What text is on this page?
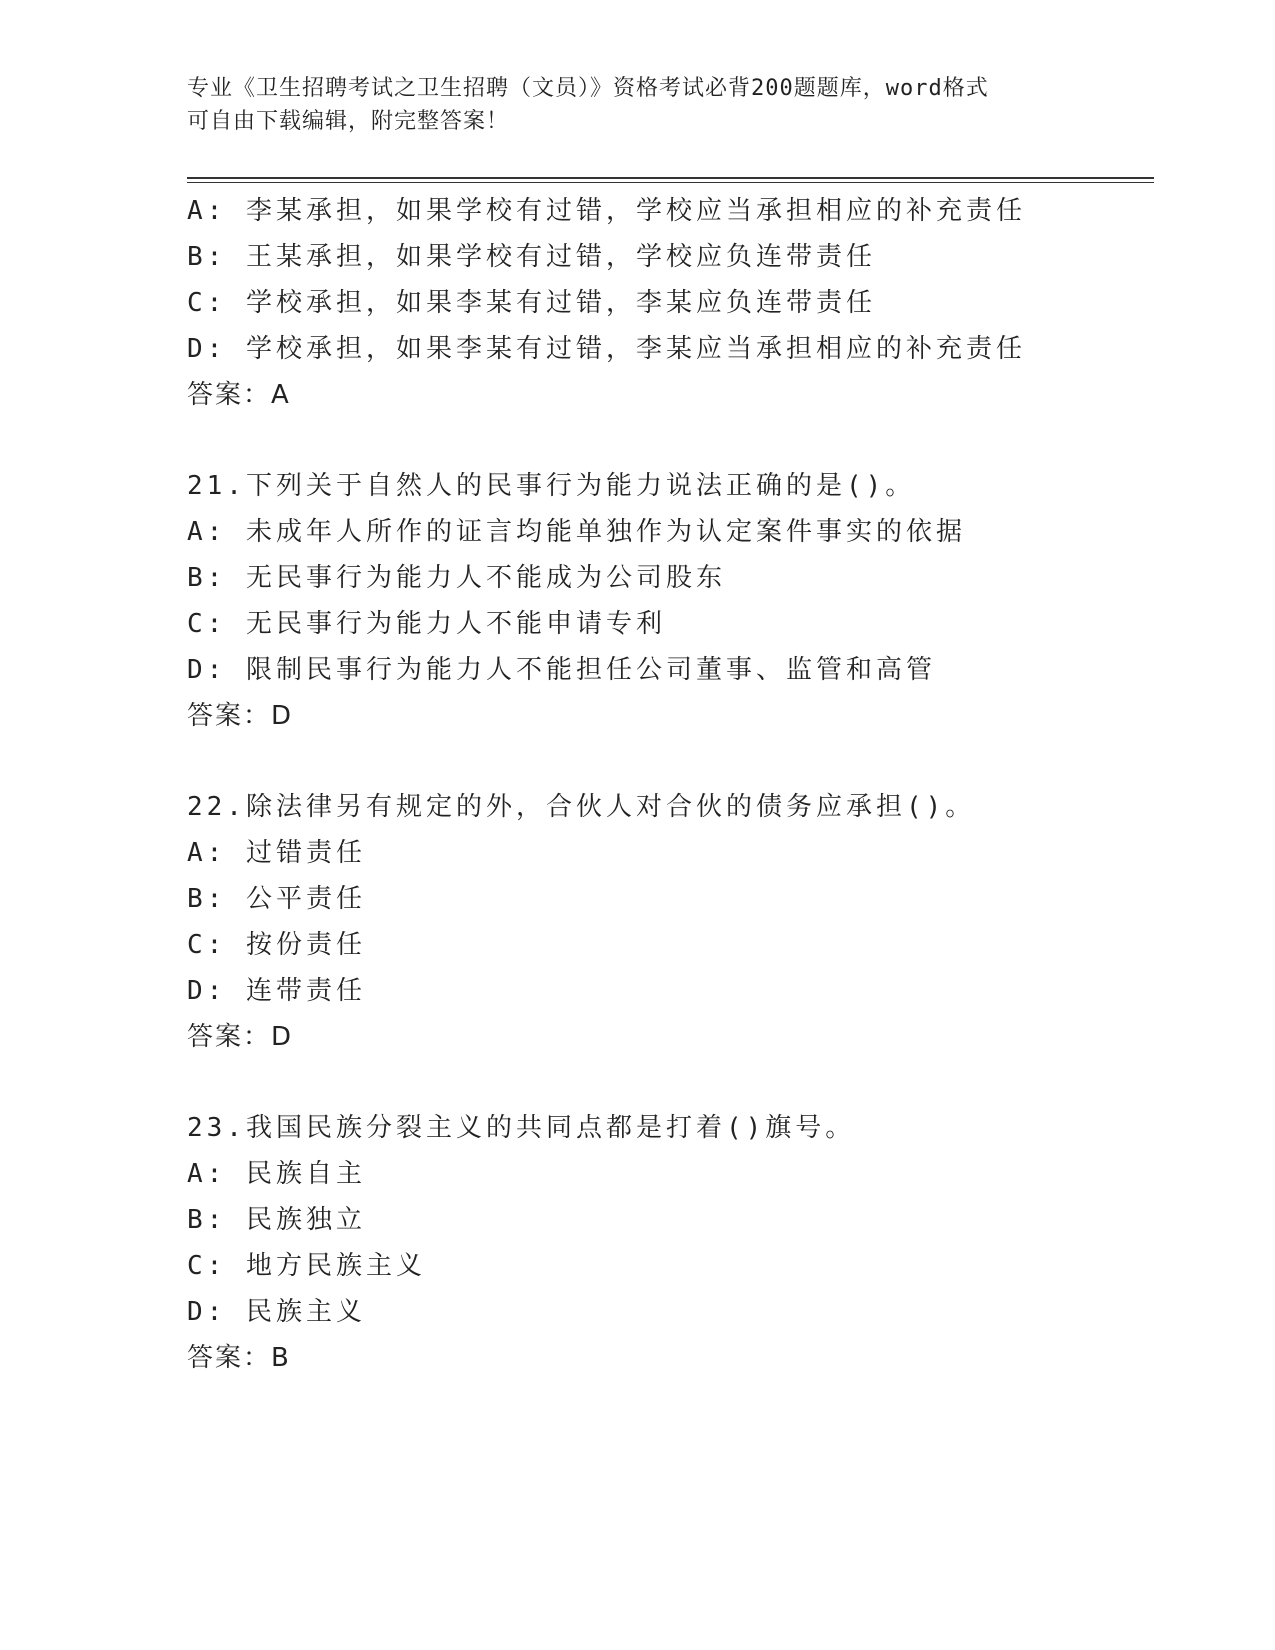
专业《卫生招聘考试之卫生招聘（文员）》资格考试必背200题题库，word格式
可自由下载编辑，附完整答案！
A: 李某承担，如果学校有过错，学校应当承担相应的补充责任
B: 王某承担，如果学校有过错，学校应负连带责任
C: 学校承担，如果李某有过错，李某应负连带责任
D: 学校承担，如果李某有过错，李某应当承担相应的补充责任
答案：A
21.下列关于自然人的民事行为能力说法正确的是()。
A: 未成年人所作的证言均能单独作为认定案件事实的依据
B: 无民事行为能力人不能成为公司股东
C: 无民事行为能力人不能申请专利
D: 限制民事行为能力人不能担任公司董事、监管和高管
答案：D
22.除法律另有规定的外，合伙人对合伙的债务应承担()。
A: 过错责任
B: 公平责任
C: 按份责任
D: 连带责任
答案：D
23.我国民族分裂主义的共同点都是打着()旗号。
A: 民族自主
B: 民族独立
C: 地方民族主义
D: 民族主义
答案：B
